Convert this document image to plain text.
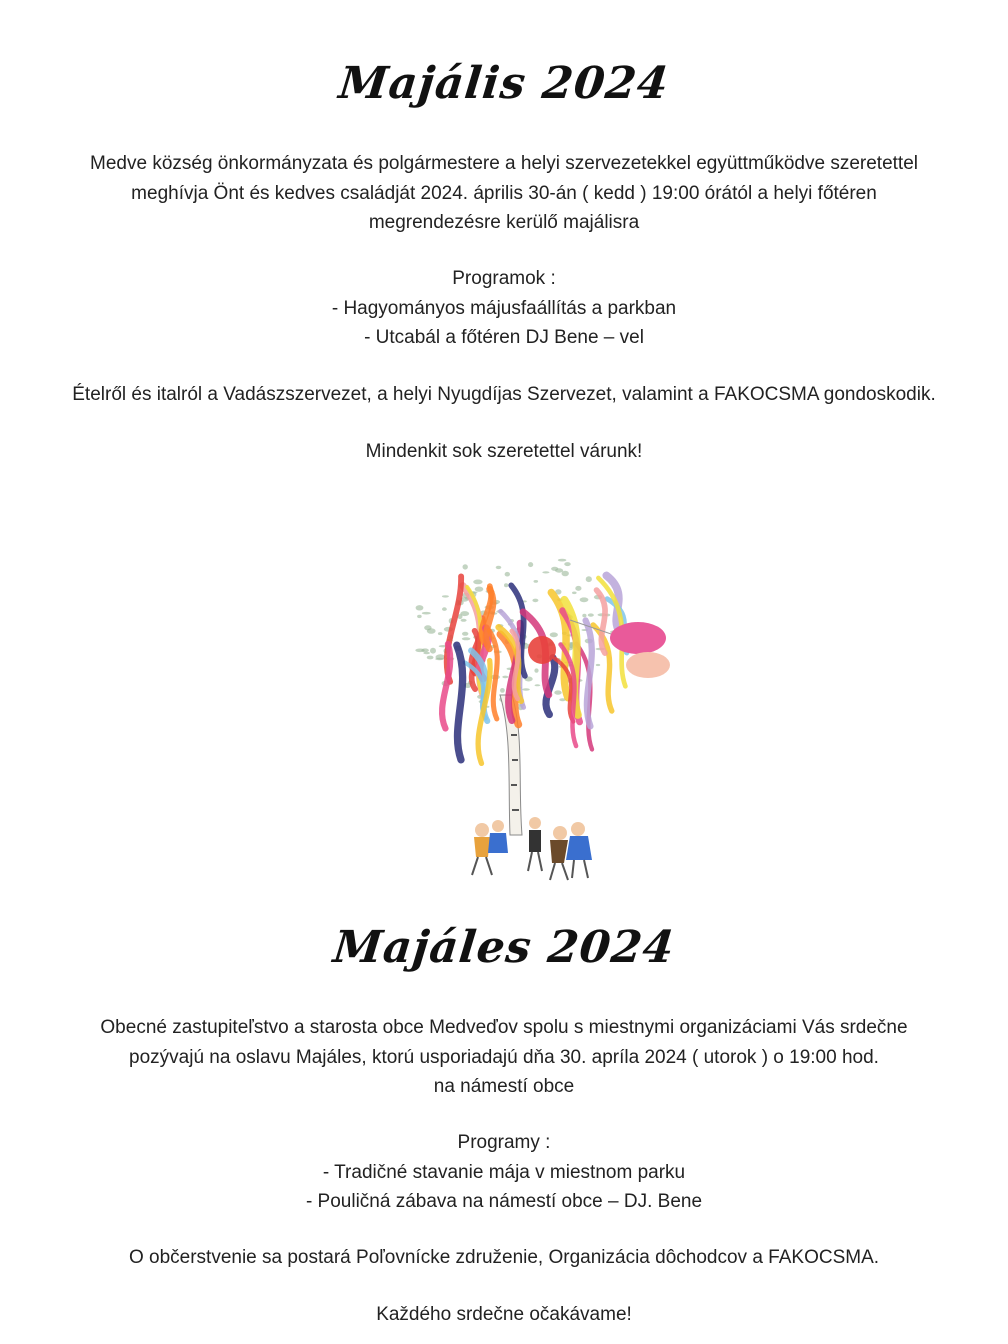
Majális 2024
Medve község önkormányzata és polgármestere a helyi szervezetekkel együttműködve szeretettel
meghívja Önt és kedves családját 2024. április 30-án ( kedd ) 19:00 órától a helyi főtéren
megrendezésre kerülő majálisra
Programok :
- Hagyományos májusfaállítás a parkban
- Utcabál a főtéren DJ Bene – vel
Ételről és italról a Vadászszervezet, a helyi Nyugdíjas Szervezet, valamint a FAKOCSMA gondoskodik.
Mindenkit sok szeretettel várunk!
Majáles 2024
Obecné zastupiteľstvo a starosta obce Medveďov spolu s miestnymi organizáciami Vás srdečne
pozývajú na oslavu Majáles, ktorú usporiadajú dňa 30. apríla 2024 ( utorok ) o 19:00 hod.
na námestí obce
Programy :
- Tradičné stavanie mája v miestnom parku
- Pouličná zábava na námestí obce – DJ. Bene
O občerstvenie sa postará Poľovnícke združenie, Organizácia dôchodcov a FAKOCSMA.
Každého srdečne očakávame!
